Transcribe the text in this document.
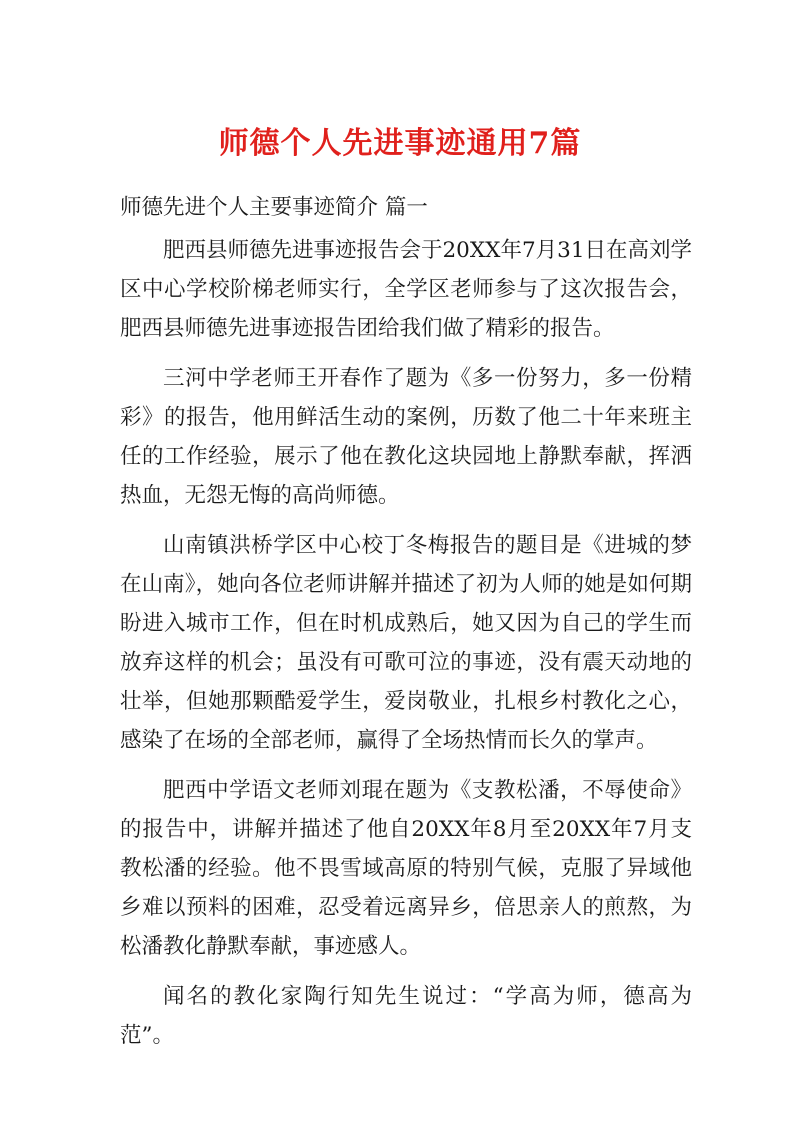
师德个人先进事迹通用7篇

师德先进个人主要事迹简介 篇一

肥西县师德先进事迹报告会于20XX年7月31日在高刘学区中心学校阶梯老师实行，全学区老师参与了这次报告会，肥西县师德先进事迹报告团给我们做了精彩的报告。

三河中学老师王开春作了题为《多一份努力，多一份精彩》的报告，他用鲜活生动的案例，历数了他二十年来班主任的工作经验，展示了他在教化这块园地上静默奉献，挥洒热血，无怨无悔的高尚师德。

山南镇洪桥学区中心校丁冬梅报告的题目是《进城的梦在山南》，她向各位老师讲解并描述了初为人师的她是如何期盼进入城市工作，但在时机成熟后，她又因为自己的学生而放弃这样的机会；虽没有可歌可泣的事迹，没有震天动地的壮举，但她那颗酷爱学生，爱岗敬业，扎根乡村教化之心，感染了在场的全部老师，赢得了全场热情而长久的掌声。

肥西中学语文老师刘琨在题为《支教松潘，不辱使命》的报告中，讲解并描述了他自20XX年8月至20XX年7月支教松潘的经验。他不畏雪域高原的特别气候，克服了异域他乡难以预料的困难，忍受着远离异乡，倍思亲人的煎熬，为松潘教化静默奉献，事迹感人。

闻名的教化家陶行知先生说过：“学高为师，德高为范”。
